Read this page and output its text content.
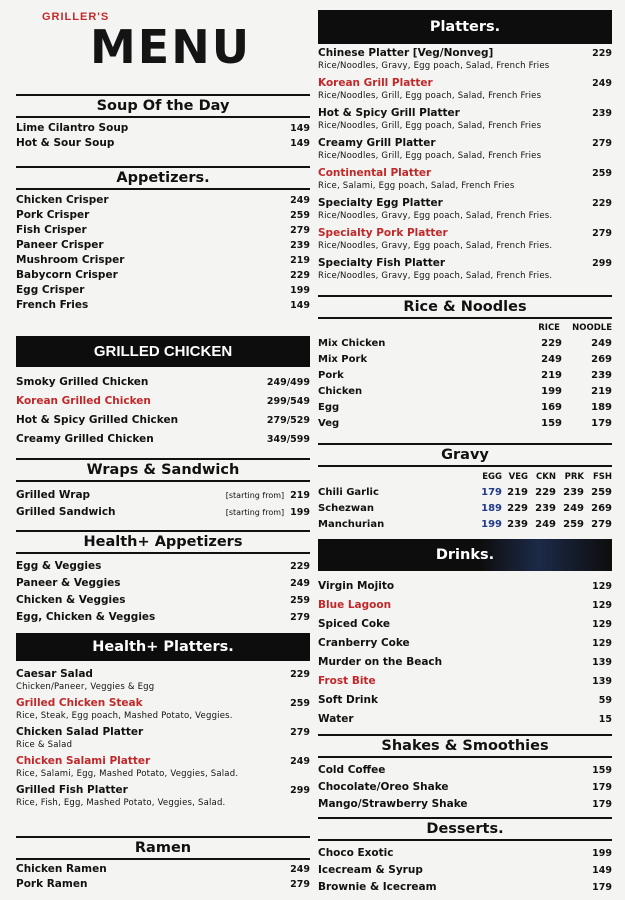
GRILLER'S
MENU
Soup Of the Day
Lime Cilantro Soup	149
Hot & Sour Soup	149
Appetizers.
Chicken Crisper	249
Pork Crisper	259
Fish Crisper	279
Paneer Crisper	239
Mushroom Crisper	219
Babycorn Crisper	229
Egg Crisper	199
French Fries	149
GRILLED CHICKEN
Smoky Grilled Chicken	249/499
Korean Grilled Chicken	299/549
Hot & Spicy Grilled Chicken	279/529
Creamy Grilled Chicken	349/599
Wraps & Sandwich
Grilled Wrap	[starting from] 219
Grilled Sandwich	[starting from] 199
Health+ Appetizers
Egg & Veggies	229
Paneer & Veggies	249
Chicken & Veggies	259
Egg, Chicken & Veggies	279
Health+ Platters.
Caesar Salad	229
Chicken/Paneer, Veggies & Egg
Grilled Chicken Steak	259
Rice, Steak, Egg poach, Mashed Potato, Veggies.
Chicken Salad Platter	279
Rice & Salad
Chicken Salami Platter	249
Rice, Salami, Egg, Mashed Potato, Veggies, Salad.
Grilled Fish Platter	299
Rice, Fish, Egg, Mashed Potato, Veggies, Salad.
Ramen
Chicken Ramen	249
Pork Ramen	279
Platters.
Chinese Platter [Veg/Nonveg]	229
Rice/Noodles, Gravy, Egg poach, Salad, French Fries
Korean Grill Platter	249
Rice/Noodles, Grill, Egg poach, Salad, French Fries
Hot & Spicy Grill Platter	239
Rice/Noodles, Grill, Egg poach, Salad, French Fries
Creamy Grill Platter	279
Rice/Noodles, Grill, Egg poach, Salad, French Fries
Continental Platter	259
Rice, Salami, Egg poach, Salad, French Fries
Specialty Egg Platter	229
Rice/Noodles, Gravy, Egg poach, Salad, French Fries.
Specialty Pork Platter	279
Rice/Noodles, Gravy, Egg poach, Salad, French Fries.
Specialty Fish Platter	299
Rice/Noodles, Gravy, Egg poach, Salad, French Fries.
Rice & Noodles
RICE	NOODLE
Mix Chicken	229	249
Mix Pork	249	269
Pork	219	239
Chicken	199	219
Egg	169	189
Veg	159	179
Gravy
EGG VEG CKN	PRK	FSH
Chili Garlic	179 219 229 239 259
Schezwan	189 229 239 249 269
Manchurian	199 239 249 259 279
Drinks.
Virgin Mojito	129
Blue Lagoon	129
Spiced Coke	129
Cranberry Coke	129
Murder on the Beach	139
Frost Bite	139
Soft Drink	59
Water	15
Shakes & Smoothies
Cold Coffee	159
Chocolate/Oreo Shake	179
Mango/Strawberry Shake	179
Desserts.
Choco Exotic	199
Icecream & Syrup	149
Brownie & Icecream	179
